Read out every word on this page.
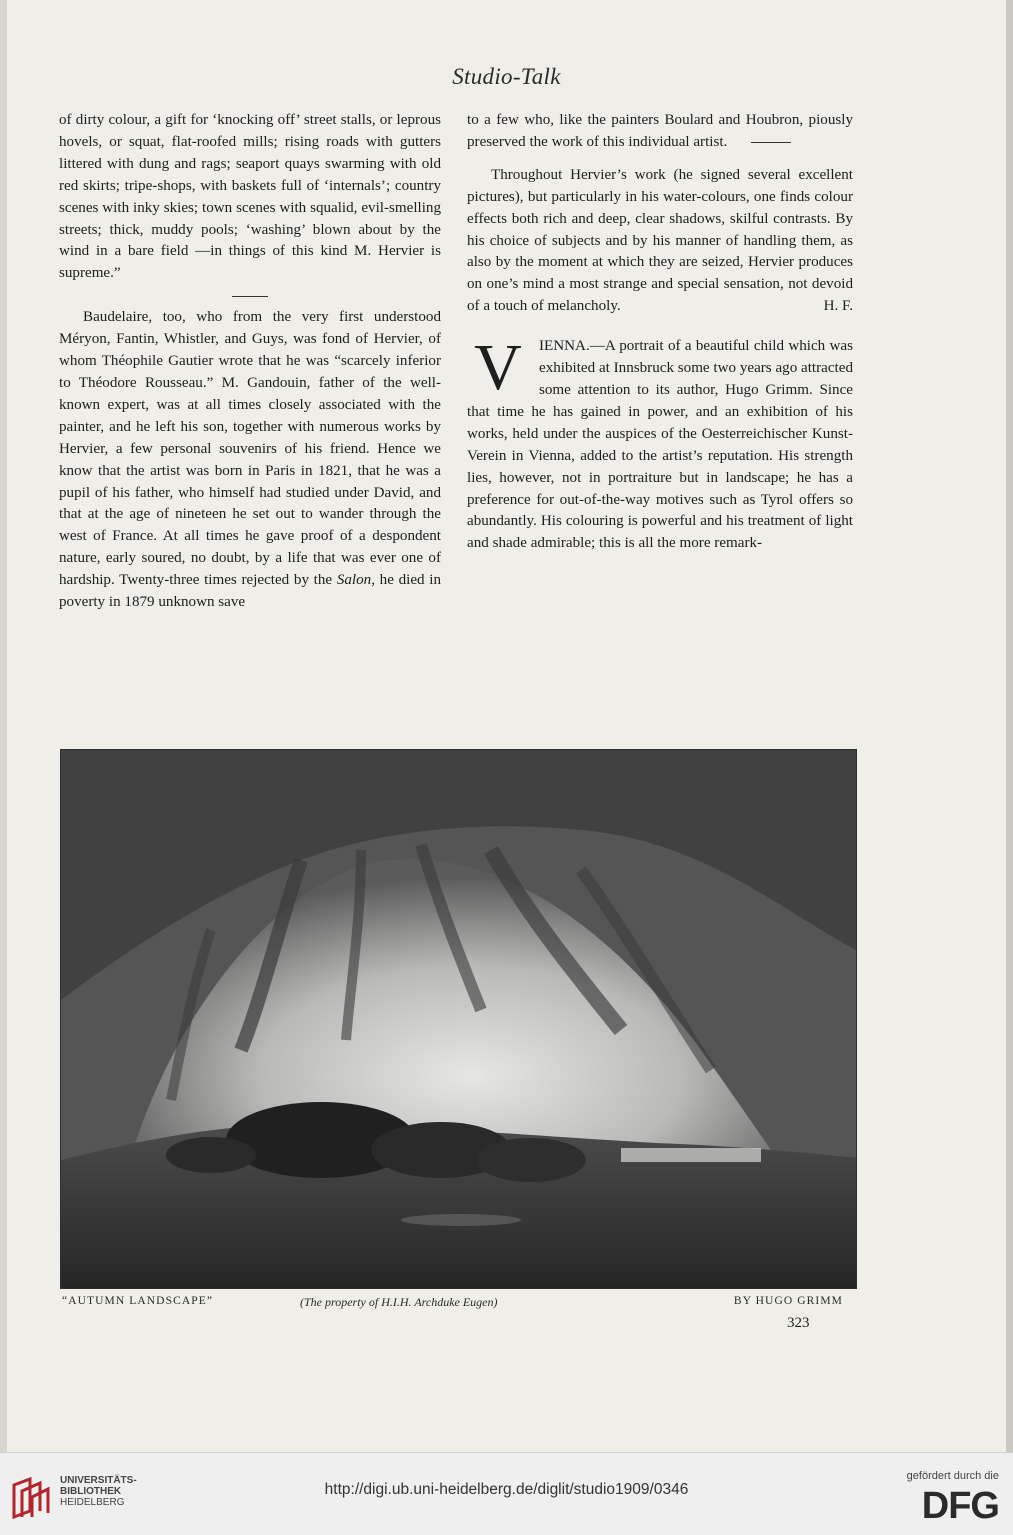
Studio-Talk

of dirty colour, a gift for ‘knocking off’ street stalls, or leprous hovels, or squat, flat-roofed mills; rising roads with gutters littered with dung and rags; seaport quays swarming with old red skirts; tripe-shops, with baskets full of ‘internals’; country scenes with inky skies; town scenes with squalid, evil-smelling streets; thick, muddy pools; ‘washing’ blown about by the wind in a bare field —in things of this kind M. Hervier is supreme.”

Baudelaire, too, who from the very first understood Méryon, Fantin, Whistler, and Guys, was fond of Hervier, of whom Théophile Gautier wrote that he was “scarcely inferior to Théodore Rousseau.” M. Gandouin, father of the well-known expert, was at all times closely associated with the painter, and he left his son, together with numerous works by Hervier, a few personal souvenirs of his friend. Hence we know that the artist was born in Paris in 1821, that he was a pupil of his father, who himself had studied under David, and that at the age of nineteen he set out to wander through the west of France. At all times he gave proof of a despondent nature, early soured, no doubt, by a life that was ever one of hardship. Twenty-three times rejected by the Salon, he died in poverty in 1879 unknown save

to a few who, like the painters Boulard and Houbron, piously preserved the work of this individual artist.

Throughout Hervier’s work (he signed several excellent pictures), but particularly in his water-colours, one finds colour effects both rich and deep, clear shadows, skilful contrasts. By his choice of subjects and by his manner of handling them, as also by the moment at which they are seized, Hervier produces on one’s mind a most strange and special sensation, not devoid of a touch of melancholy.	H. F.

V	IENNA.—A portrait of a beautiful child which was exhibited at Innsbruck some two years ago attracted some attention to its author, Hugo Grimm. Since that time he has gained in power, and an exhibition of his works, held under the auspices of the Oesterreichischer Kunst-Verein in Vienna, added to the artist’s reputation. His strength lies, however, not in portraiture but in landscape; he has a preference for out-of-the-way motives such as Tyrol offers so abundantly. His colouring is powerful and his treatment of light and shade admirable; this is all the more remark-

“AUTUMN LANDSCAPE”	(The property of H.I.H. Archduke Eugen)	BY HUGO GRIMM
323
UNIVERSITÄTS-
BIBLIOTHEK
HEIDELBERG
http://digi.ub.uni-heidelberg.de/diglit/studio1909/0346
gefördert durch die
DFG
